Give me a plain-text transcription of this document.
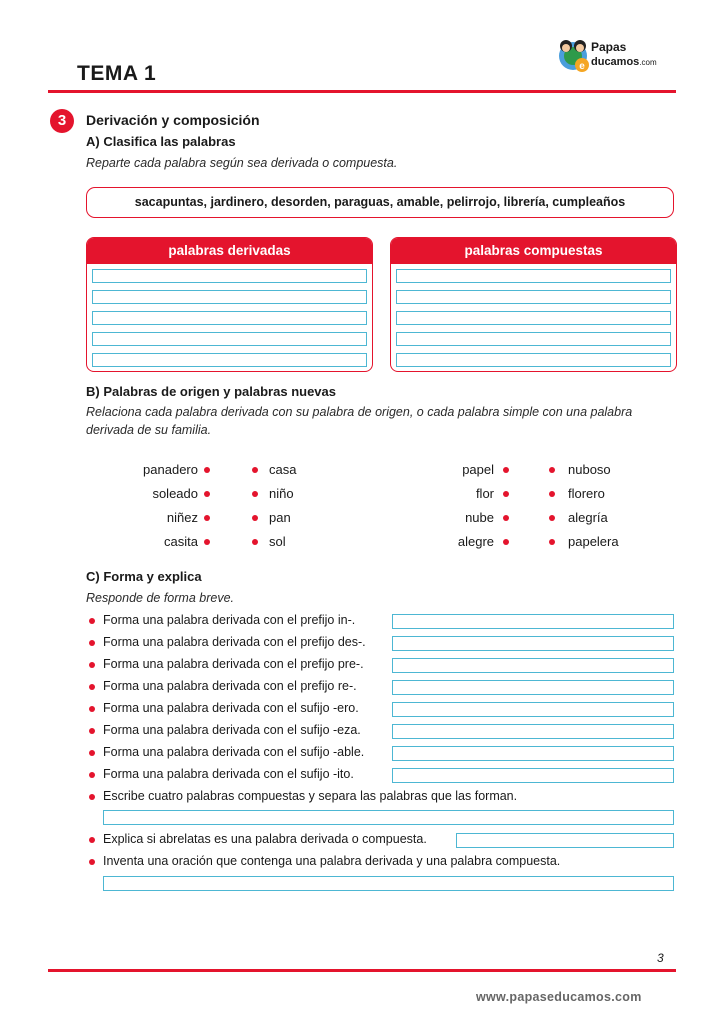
TEMA 1	e
Papas
ducamos.com
3	Derivación y composición
A) Clasifica las palabras
Reparte cada palabra según sea derivada o compuesta.
sacapuntas, jardinero, desorden, paraguas, amable, pelirrojo, librería, cumpleaños
palabras derivadas	palabras compuestas
B) Palabras de origen y palabras nuevas
Relaciona cada palabra derivada con su palabra de origen, o cada palabra simple con una palabra
derivada de su familia.
panadero
soleado
niñez
casita
casa
niño
pan
sol
papel
flor
nube
alegre
nuboso
florero
alegría
papelera
C) Forma y explica
Responde de forma breve.
Forma una palabra derivada con el prefijo in-.
Forma una palabra derivada con el prefijo des-.
Forma una palabra derivada con el prefijo pre-.
Forma una palabra derivada con el prefijo re-.
Forma una palabra derivada con el sufijo -ero.
Forma una palabra derivada con el sufijo -eza.
Forma una palabra derivada con el sufijo -able.
Forma una palabra derivada con el sufijo -ito.
Escribe cuatro palabras compuestas y separa las palabras que las forman.
Explica si abrelatas es una palabra derivada o compuesta.
Inventa una oración que contenga una palabra derivada y una palabra compuesta.
3
www.papaseducamos.com
